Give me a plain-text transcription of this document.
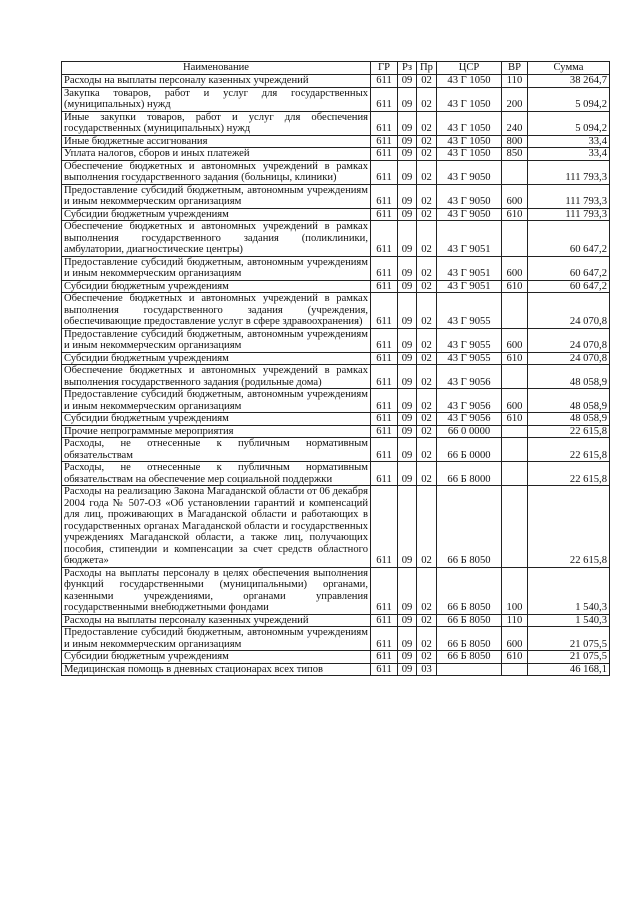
Наименование	ГР	Рз	Пр	ЦСР	ВР	Сумма
Расходы на выплаты персоналу казенных учреждений	611	09	02	43 Г 1050	110	38 264,7
Закупка товаров, работ и услуг для государственных (муниципальных) нужд	611	09	02	43 Г 1050	200	5 094,2
Иные закупки товаров, работ и услуг для обеспечения государственных (муниципальных) нужд	611	09	02	43 Г 1050	240	5 094,2
Иные бюджетные ассигнования	611	09	02	43 Г 1050	800	33,4
Уплата налогов, сборов и иных платежей	611	09	02	43 Г 1050	850	33,4
Обеспечение бюджетных и автономных учреждений в рамках выполнения государственного задания (больницы, клиники)	611	09	02	43 Г 9050		111 793,3
Предоставление субсидий бюджетным, автономным учреждениям и иным некоммерческим организациям	611	09	02	43 Г 9050	600	111 793,3
Субсидии бюджетным учреждениям	611	09	02	43 Г 9050	610	111 793,3
Обеспечение бюджетных и автономных учреждений в рамках выполнения государственного задания (поликлиники, амбулатории, диагностические центры)	611	09	02	43 Г 9051		60 647,2
Предоставление субсидий бюджетным, автономным учреждениям и иным некоммерческим организациям	611	09	02	43 Г 9051	600	60 647,2
Субсидии бюджетным учреждениям	611	09	02	43 Г 9051	610	60 647,2
Обеспечение бюджетных и автономных учреждений в рамках выполнения государственного задания (учреждения, обеспечивающие предоставление услуг в сфере здравоохранения)	611	09	02	43 Г 9055		24 070,8
Предоставление субсидий бюджетным, автономным учреждениям и иным некоммерческим организациям	611	09	02	43 Г 9055	600	24 070,8
Субсидии бюджетным учреждениям	611	09	02	43 Г 9055	610	24 070,8
Обеспечение бюджетных и автономных учреждений в рамках выполнения государственного задания (родильные дома)	611	09	02	43 Г 9056		48 058,9
Предоставление субсидий бюджетным, автономным учреждениям и иным некоммерческим организациям	611	09	02	43 Г 9056	600	48 058,9
Субсидии бюджетным учреждениям	611	09	02	43 Г 9056	610	48 058,9
Прочие непрограммные мероприятия	611	09	02	66 0 0000		22 615,8
Расходы, не отнесенные к публичным нормативным обязательствам	611	09	02	66 Б 0000		22 615,8
Расходы, не отнесенные к публичным нормативным обязательствам на обеспечение мер социальной поддержки	611	09	02	66 Б 8000		22 615,8
Расходы на реализацию Закона Магаданской области от 06 декабря 2004 года № 507-ОЗ «Об установлении гарантий и компенсаций для лиц, проживающих в Магаданской области и работающих в государственных органах Магаданской области и государственных учреждениях Магаданской области, а также лиц, получающих пособия, стипендии и компенсации за счет средств областного бюджета»	611	09	02	66 Б 8050		22 615,8
Расходы на выплаты персоналу в целях обеспечения выполнения функций государственными (муниципальными) органами, казенными учреждениями, органами управления государственными внебюджетными фондами	611	09	02	66 Б 8050	100	1 540,3
Расходы на выплаты персоналу казенных учреждений	611	09	02	66 Б 8050	110	1 540,3
Предоставление субсидий бюджетным, автономным учреждениям и иным некоммерческим организациям	611	09	02	66 Б 8050	600	21 075,5
Субсидии бюджетным учреждениям	611	09	02	66 Б 8050	610	21 075,5
Медицинская помощь в дневных стационарах всех типов	611	09	03			46 168,1
